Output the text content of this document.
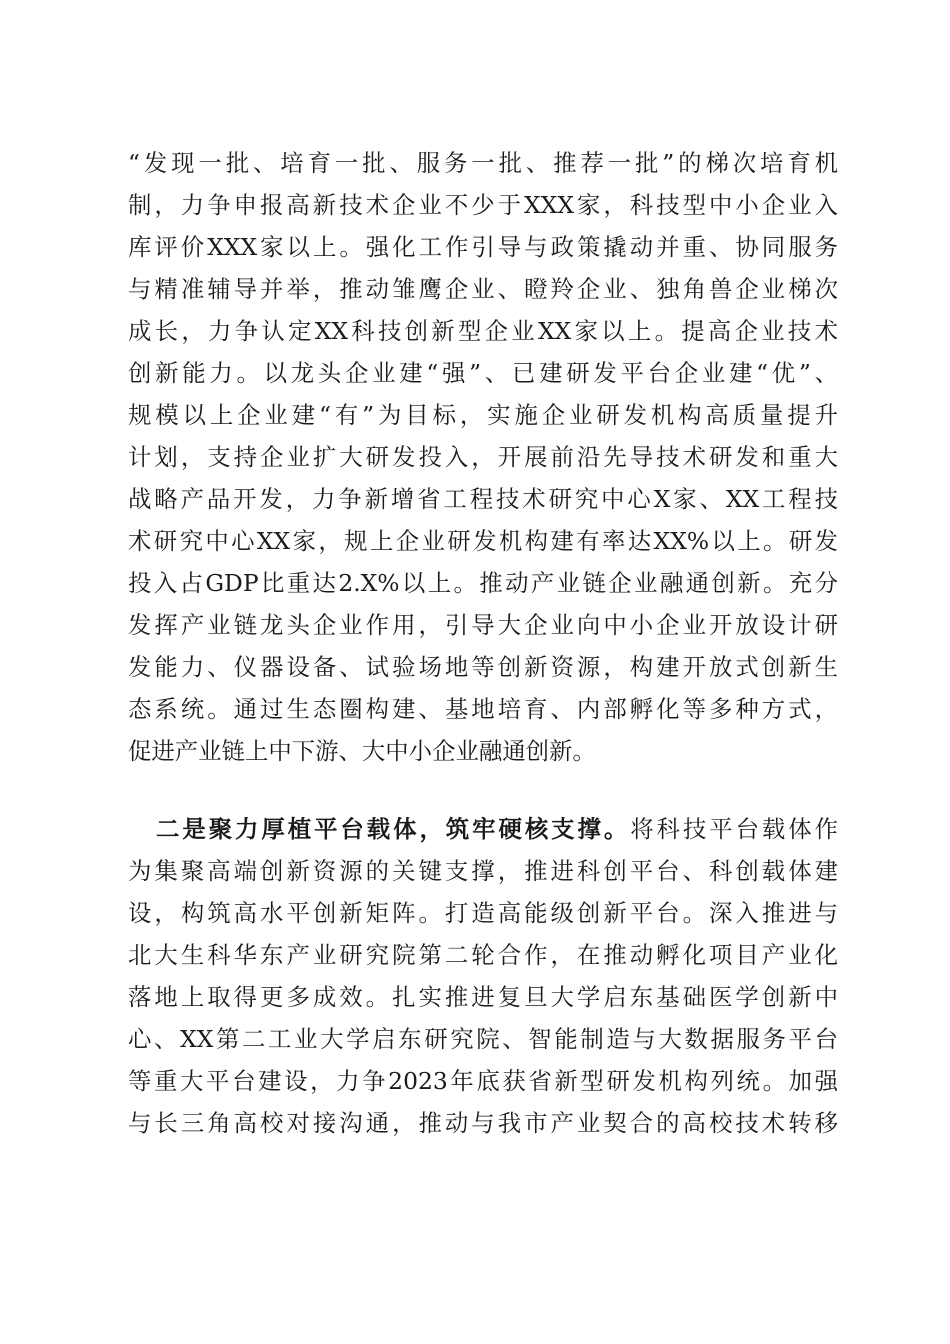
“发现一批、培育一批、服务一批、推荐一批”的梯次培育机
制，力争申报高新技术企业不少于XXX家，科技型中小企业入
库评价XXX家以上。强化工作引导与政策撬动并重、协同服务
与精准辅导并举，推动雏鹰企业、瞪羚企业、独角兽企业梯次
成长，力争认定XX科技创新型企业XX家以上。提高企业技术
创新能力。以龙头企业建“强”、已建研发平台企业建“优”、
规模以上企业建“有”为目标，实施企业研发机构高质量提升
计划，支持企业扩大研发投入，开展前沿先导技术研发和重大
战略产品开发，力争新增省工程技术研究中心X家、XX工程技
术研究中心XX家，规上企业研发机构建有率达XX%以上。研发
投入占GDP比重达2.X%以上。推动产业链企业融通创新。充分
发挥产业链龙头企业作用，引导大企业向中小企业开放设计研
发能力、仪器设备、试验场地等创新资源，构建开放式创新生
态系统。通过生态圈构建、基地培育、内部孵化等多种方式，
促进产业链上中下游、大中小企业融通创新。
二是聚力厚植平台载体，筑牢硬核支撑。将科技平台载体作
为集聚高端创新资源的关键支撑，推进科创平台、科创载体建
设，构筑高水平创新矩阵。打造高能级创新平台。深入推进与
北大生科华东产业研究院第二轮合作，在推动孵化项目产业化
落地上取得更多成效。扎实推进复旦大学启东基础医学创新中
心、XX第二工业大学启东研究院、智能制造与大数据服务平台
等重大平台建设，力争2023年底获省新型研发机构列统。加强
与长三角高校对接沟通，推动与我市产业契合的高校技术转移
